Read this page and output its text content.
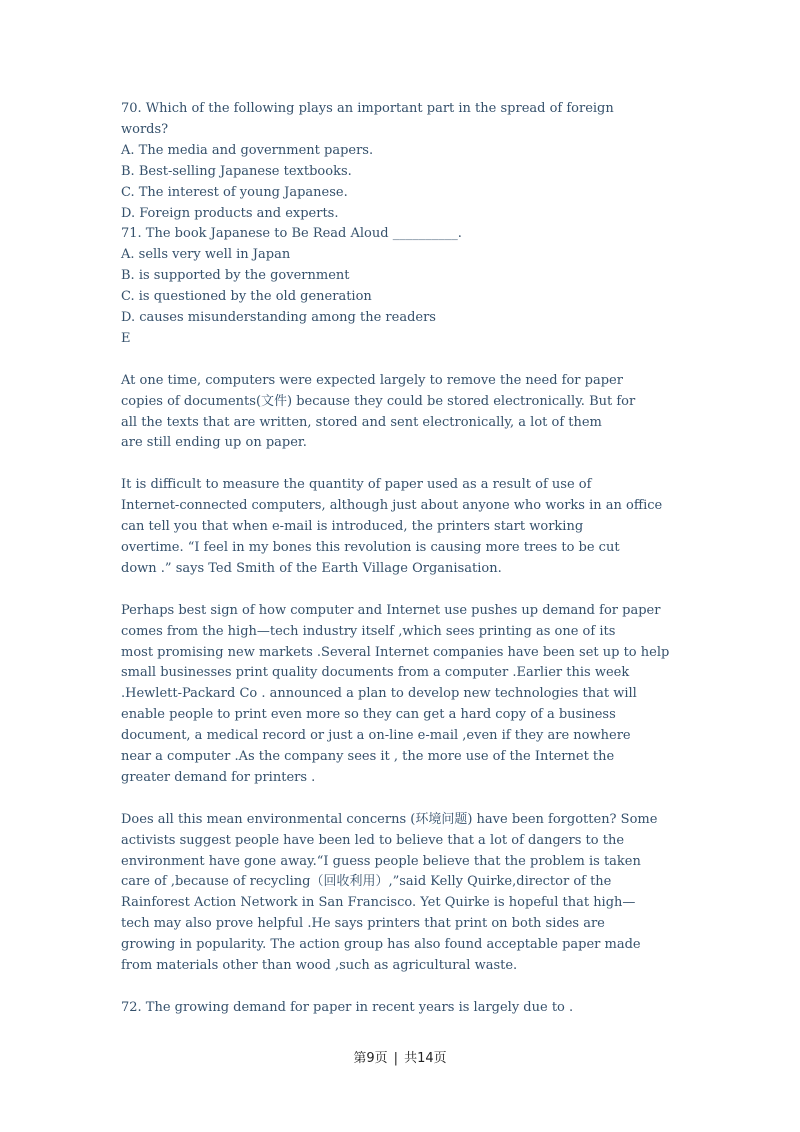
70. Which of the following plays an important part in the spread of foreign
words?
A. The media and government papers.
B. Best-selling Japanese textbooks.
C. The interest of young Japanese.
D. Foreign products and experts.
71. The book Japanese to Be Read Aloud __________.
A. sells very well in Japan
B. is supported by the government
C. is questioned by the old generation
D. causes misunderstanding among the readers
E
At one time, computers were expected largely to remove the need for paper
copies of documents(文件) because they could be stored electronically. But for
all the texts that are written, stored and sent electronically, a lot of them
are still ending up on paper.
It is difficult to measure the quantity of paper used as a result of use of
Internet-connected computers, although just about anyone who works in an office
can tell you that when e-mail is introduced, the printers start working
overtime. “I feel in my bones this revolution is causing more trees to be cut
down .” says Ted Smith of the Earth Village Organisation.
Perhaps best sign of how computer and Internet use pushes up demand for paper
comes from the high—tech industry itself ,which sees printing as one of its
most promising new markets .Several Internet companies have been set up to help
small businesses print quality documents from a computer .Earlier this week
.Hewlett-Packard Co . announced a plan to develop new technologies that will
enable people to print even more so they can get a hard copy of a business
document, a medical record or just a on-line e-mail ,even if they are nowhere
near a computer .As the company sees it , the more use of the Internet the
greater demand for printers .
Does all this mean environmental concerns (环境问题) have been forgotten? Some
activists suggest people have been led to believe that a lot of dangers to the
environment have gone away.“I guess people believe that the problem is taken
care of ,because of recycling（回收利用）,”said Kelly Quirke,director of the
Rainforest Action Network in San Francisco. Yet Quirke is hopeful that high—
tech may also prove helpful .He says printers that print on both sides are
growing in popularity. The action group has also found acceptable paper made
from materials other than wood ,such as agricultural waste.
72. The growing demand for paper in recent years is largely due to .
第9页 | 共14页
